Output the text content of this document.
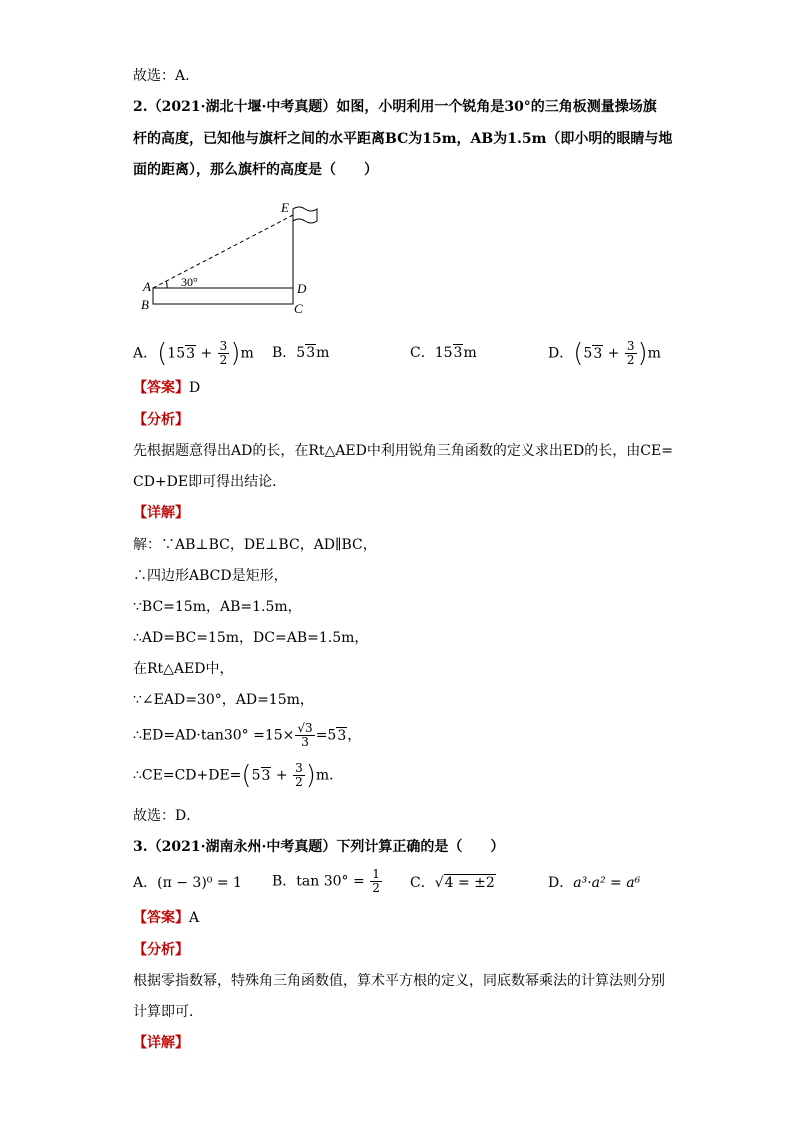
故选：A.
2.（2021·湖北十堰·中考真题）如图，小明利用一个锐角是30°的三角板测量操场旗
杆的高度，已知他与旗杆之间的水平距离BC为15m，AB为1.5m（即小明的眼睛与地
面的距离），那么旗杆的高度是（　　）
A
B	C
D
E
30°
A．$(153 + \frac{3}{2} )m$ B．53m	C．153m	D．$(53 + \frac{3}{2} )m$
【答案】D
【分析】
先根据题意得出AD的长，在Rt△AED中利用锐角三角函数的定义求出ED的长，由CE=
CD+DE即可得出结论．
【详解】
解：∵AB⊥BC，DE⊥BC，AD∥BC，
∴四边形ABCD是矩形，
∵BC=15m，AB=1.5m，
∴AD=BC=15m，DC=AB=1.5m，
在Rt△AED中，
∵∠EAD=30°，AD=15m，
∴ED=AD·tan30° $=15\times \frac{√3}{3} =53$，
∴CE=CD+DE=(53 + $\frac{3}{2} )m$．
故选：D．
3.（2021·湖南永州·中考真题）下列计算正确的是（　　）
A．(π − 3)⁰ = 1 B．$\tan 30^\circ = \frac{1}{2}$ C．√4 = ±2	D．a³·a² = a⁶
【答案】A
【分析】
根据零指数幂，特殊角三角函数值，算术平方根的定义，同底数幂乘法的计算法则分别
计算即可．
【详解】
